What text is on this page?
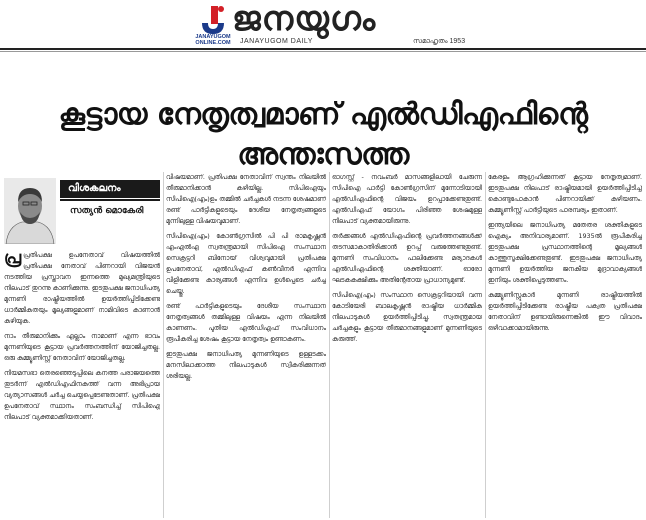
JANAYUGOM ONLINE.COM
ജനയുഗം
JANAYUGOM DAILY	സമാഹൃതം 1953
കൂട്ടായ നേതൃത്വമാണ് എൽഡിഎഫിന്റെ അന്തഃസത്ത
വിശകലനം
സത്യൻ മൊകേരി

പ്ര പ്രതിപക്ഷ ഉപനേതാവ് വിഷയത്തിൽ പ്രതിപക്ഷ നേതാവ് പിണറായി വിജയൻ നടത്തിയ പ്രസ്താവന ഇന്നത്തെ മുഖ്യമന്ത്രിയുടെ നിലപാട് തുറന്നു കാണിക്കുന്നു. ഇടതുപക്ഷ ജനാധിപത്യ മുന്നണി രാഷ്ട്രീയത്തിൽ ഉയർത്തിപ്പിടിക്കേണ്ട ധാർമ്മികതയും മൂല്യങ്ങളുമാണ് നാമിവിടെ കാണാൻ കഴിയുക.

നാം തീരുമാനിക്കും എല്ലാം നാമാണ് എന്ന ഭാവം മുന്നണിയുടെ കൂട്ടായ പ്രവർത്തനത്തിന് യോജിച്ചതല്ല. ഒരു കമ്മ്യൂണിസ്റ്റ് നേതാവിന് യോജിച്ചതല്ല.

നിയമസഭാ തെരഞ്ഞെടുപ്പിലെ കനത്ത പരാജയത്തെ തുടർന്ന് എൽഡിഎഫിനകത്ത് വന്ന അഭിപ്രായ വ്യത്യാസങ്ങൾ ചർച്ച ചെയ്യപ്പെടേണ്ടതാണ്. പ്രതിപക്ഷ ഉപനേതാവ് സ്ഥാനം സംബന്ധിച്ച് സിപിഐ നിലപാട് വ്യക്തമാക്കിയതാണ്.

വിഷയമാണ്. പ്രതിപക്ഷ നേതാവിന് സ്വന്തം നിലയിൽ തീരുമാനിക്കാൻ കഴിയില്ല. സിപിഐയും സിപിഐ(എം)ഉം തമ്മിൽ ചർച്ചകൾ നടന്ന ശേഷമാണ് രണ്ട് പാർട്ടികളുടെയും ദേശീയ നേതൃത്വങ്ങളുടെ മുന്നിലുള്ള വിഷയവുമാണ്.

സിപിഐ(എം) കോൺഗ്രസിൽ പി പി രാമകൃഷ്ണൻ എംഎൽഎ സ്വതന്ത്രമായി സിപിഐ സംസ്ഥാന സെക്രട്ടറി ബിനോയ് വിശ്വവുമായി പ്രതിപക്ഷ ഉപനേതാവ്, എൽഡിഎഫ് കൺവീനർ എന്നിവ വിളിക്കേണ്ട കാര്യങ്ങൾ എന്നിവ ഉൾപ്പെടെ ചർച്ച ചെയ്തു.

രണ്ട് പാർട്ടികളുടെയും ദേശീയ സംസ്ഥാന നേതൃത്വങ്ങൾ തമ്മിലുള്ള വിഷയം എന്ന നിലയിൽ കാണണം. പുതിയ എൽഡിഎഫ് സംവിധാനം രൂപീകരിച്ച ശേഷം കൂട്ടായ നേതൃത്വം ഉണ്ടാകണം.

ഇടതുപക്ഷ ജനാധിപത്യ മുന്നണിയുടെ ഉള്ളടക്കം മനസിലാക്കാത്ത നിലപാടുകൾ സ്വീകരിക്കുന്നത് ശരിയല്ല.

ഓഗസ്റ്റ് - നവംബർ മാസങ്ങളിലായി ചേരുന്ന സിപിഐ പാർട്ടി കോൺഗ്രസിന് മുന്നോടിയായി എൽഡിഎഫിന്റെ വിജയം ഉറപ്പാക്കേണ്ടതുണ്ട്. എൽഡിഎഫ് യോഗം പിരിഞ്ഞ ശേഷമുള്ള നിലപാട് വ്യക്തമായിരുന്നു.

തർക്കങ്ങൾ എൽഡിഎഫിന്റെ പ്രവർത്തനങ്ങൾക്ക് തടസമാകാതിരിക്കാൻ ഉറപ്പ് വരുത്തേണ്ടതുണ്ട്. മുന്നണി സംവിധാനം പാലിക്കേണ്ട മര്യാദകൾ എൽഡിഎഫിന്റെ ശക്തിയാണ്. ഓരോ ഘടകകക്ഷിക്കും അതിന്റേതായ പ്രാധാന്യമുണ്ട്.

സിപിഐ(എം) സംസ്ഥാന സെക്രട്ടറിയായി വന്ന കോടിയേരി ബാലകൃഷ്ണൻ രാഷ്ട്രീയ ധാർമ്മിക നിലപാടുകൾ ഉയർത്തിപ്പിടിച്ചു. സ്വതന്ത്രമായ ചർച്ചകളും കൂട്ടായ തീരുമാനങ്ങളുമാണ് മുന്നണിയുടെ കരുത്ത്.

കേരളം ആഗ്രഹിക്കുന്നത് കൂട്ടായ നേതൃത്വമാണ്. ഇടതുപക്ഷ നിലപാട് രാഷ്ട്രീയമായി ഉയർത്തിപ്പിടിച്ച് കൊണ്ടുപോകാൻ പിണറായിക്ക് കഴിയണം. കമ്മ്യൂണിസ്റ്റ് പാർട്ടിയുടെ പാരമ്പര്യം ഇതാണ്.

ഇന്ത്യയിലെ ജനാധിപത്യ മതേതര ശക്തികളുടെ ഐക്യം അനിവാര്യമാണ്. 1935ൽ രൂപീകരിച്ച ഇടതുപക്ഷ പ്രസ്ഥാനത്തിന്റെ മൂല്യങ്ങൾ കാത്തുസൂക്ഷിക്കേണ്ടതുണ്ട്. ഇടതുപക്ഷ ജനാധിപത്യ മുന്നണി ഉയർത്തിയ ജനകീയ മുദ്രാവാക്യങ്ങൾ ഇനിയും ശക്തിപ്പെടുത്തണം.

കമ്മ്യൂണിസ്റ്റുകാർ മുന്നണി രാഷ്ട്രീയത്തിൽ ഉയർത്തിപ്പിടിക്കേണ്ട രാഷ്ട്രീയ പക്വത പ്രതിപക്ഷ നേതാവിന് ഉണ്ടായിരുന്നെങ്കിൽ ഈ വിവാദം ഒഴിവാക്കാമായിരുന്നു.
